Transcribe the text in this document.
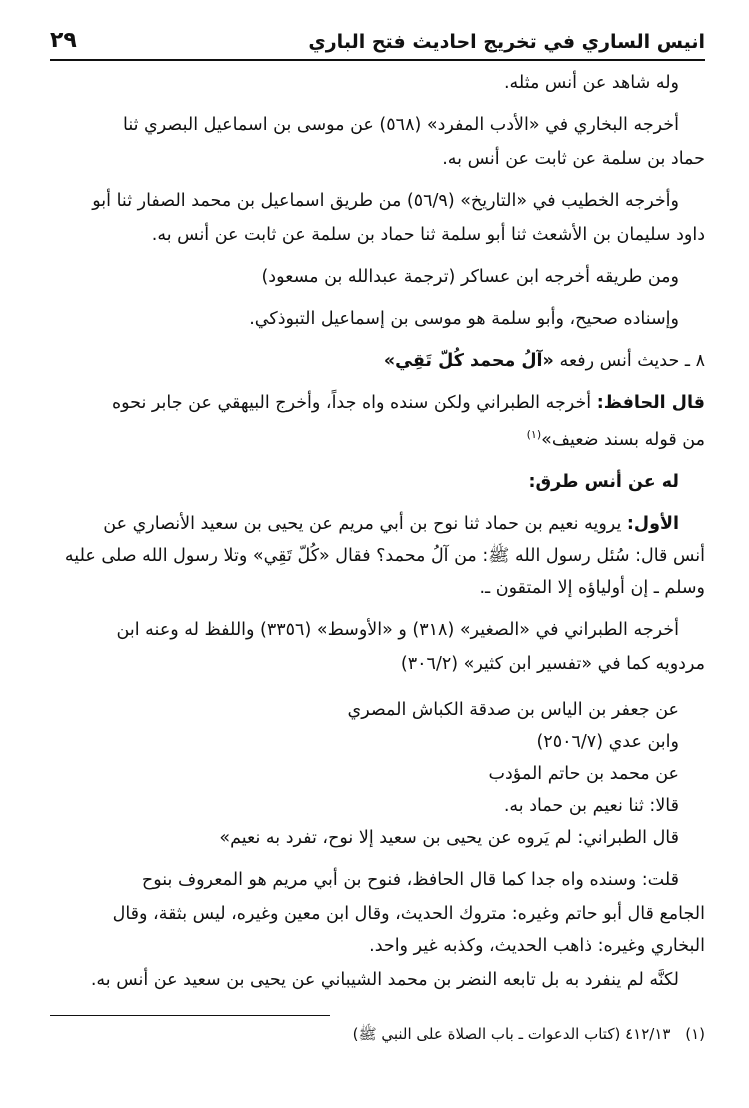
انيس الساري في تخريج احاديث فتح الباري
٢٩
وله شاهد عن أنس مثله.
أخرجه البخاري في «الأدب المفرد» (٥٦٨) عن موسى بن اسماعيل البصري ثنا
حماد بن سلمة عن ثابت عن أنس به.
وأخرجه الخطيب في «التاريخ» (٥٦/٩) من طريق اسماعيل بن محمد الصفار ثنا أبو
داود سليمان بن الأشعث ثنا أبو سلمة ثنا حماد بن سلمة عن ثابت عن أنس به.
ومن طريقه أخرجه ابن عساكر (ترجمة عبدالله بن مسعود)
وإسناده صحيح، وأبو سلمة هو موسى بن إسماعيل التبوذكي.
٨ ـ حديث أنس رفعه «آلُ محمد كُلّ تَقِي»
قال الحافظ: أخرجه الطبراني ولكن سنده واه جداً، وأخرج البيهقي عن جابر نحوه
من قوله بسند ضعيف»$^{(١)}$
له عن أنس طرق:
الأول: يرويه نعيم بن حماد ثنا نوح بن أبي مريم عن يحيى بن سعيد الأنصاري عن
أنس قال: سُئل رسول الله ﷺ: من آلُ محمد؟ فقال «كُلّ تَقِي» وتلا رسول الله صلى عليه
وسلم ـ إن أولياؤه إلا المتقون ـ.
أخرجه الطبراني في «الصغير» (٣١٨) و «الأوسط» (٣٣٥٦) واللفظ له وعنه ابن
مردويه كما في «تفسير ابن كثير» (٣٠٦/٢)
عن جعفر بن الياس بن صدقة الكباش المصري
وابن عدي (٢٥٠٦/٧)
عن محمد بن حاتم المؤدب
قالا: ثنا نعيم بن حماد به.
قال الطبراني: لم يَروه عن يحيى بن سعيد إلا نوح، تفرد به نعيم»
قلت: وسنده واه جدا كما قال الحافظ، فنوح بن أبي مريم هو المعروف بنوح
الجامع قال أبو حاتم وغيره: متروك الحديث، وقال ابن معين وغيره، ليس بثقة، وقال
البخاري وغيره: ذاهب الحديث، وكذبه غير واحد.
لكنَّه لم ينفرد به بل تابعه النضر بن محمد الشيباني عن يحيى بن سعيد عن أنس به.
(١) ٤١٢/١٣ (كتاب الدعوات ـ باب الصلاة على النبي ﷺ)
